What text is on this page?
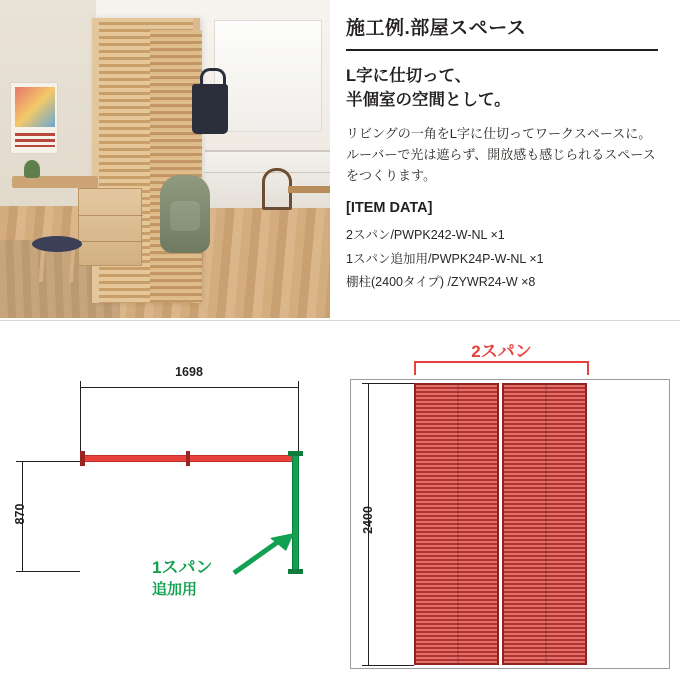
施工例.部屋スペース
L字に仕切って、
半個室の空間として。

リビングの一角をL字に仕切ってワークスペースに。ルーバーで光は遮らず、開放感も感じられるスペースをつくります。

[ITEM DATA]
2スパン/PWPK242-W-NL ×1
1スパン追加用/PWPK24P-W-NL ×1
棚柱(2400タイプ) /ZYWR24-W ×8
1698
870
1スパン
追加用
2スパン
2400
